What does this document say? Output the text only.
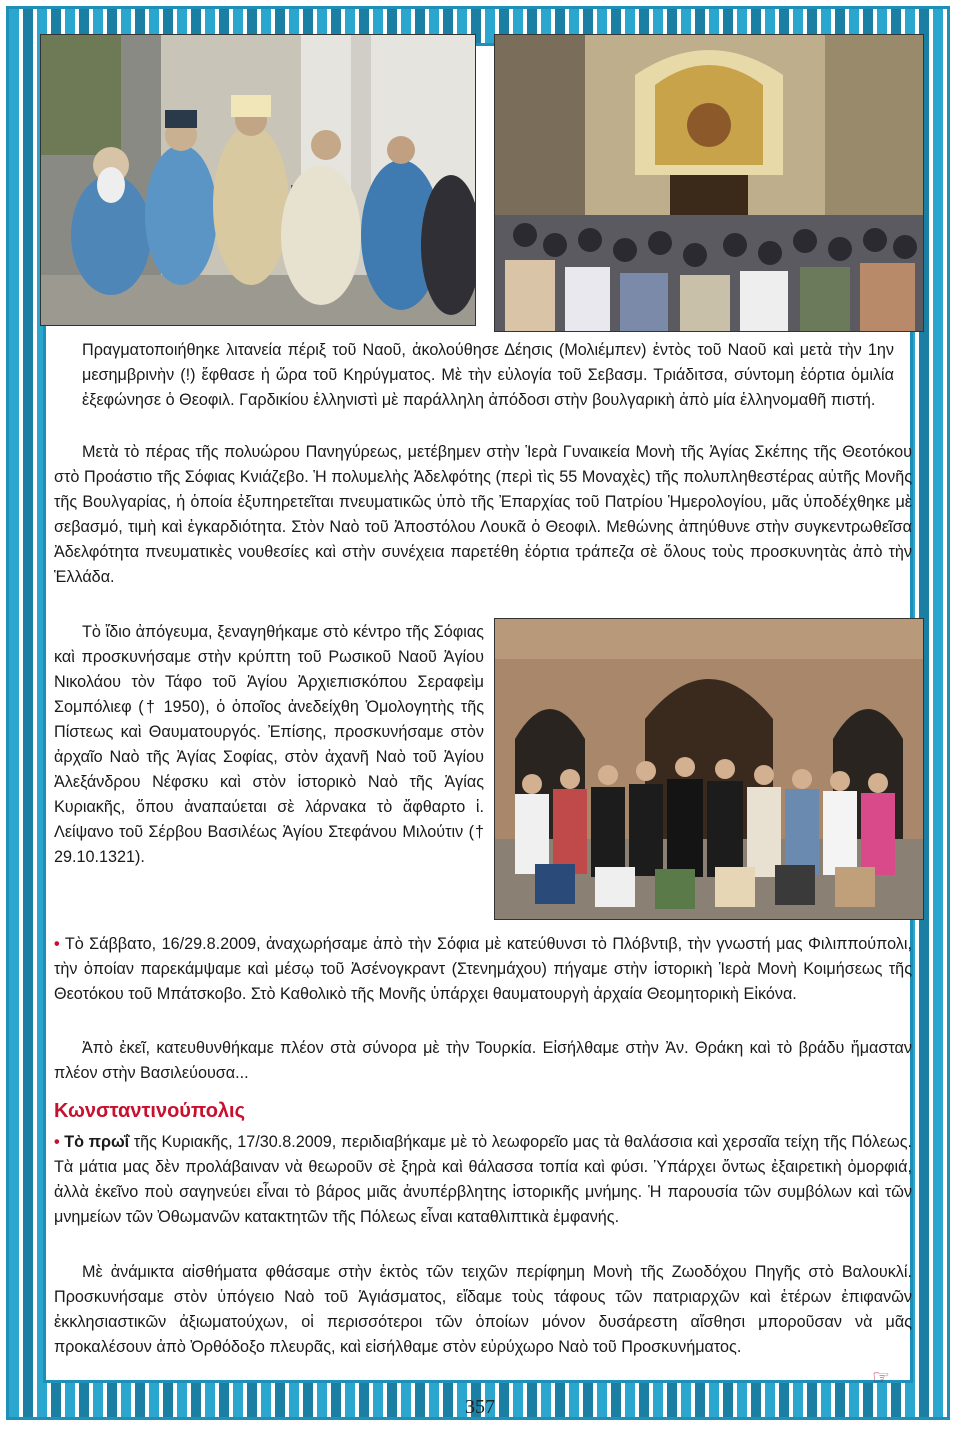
Πραγματοποιήθηκε λιτανεία πέριξ τοῦ Ναοῦ, ἀκολούθησε Δέησις (Μολιέμπεν) ἐντὸς τοῦ Ναοῦ καὶ μετὰ τὴν 1ην μεσημβρινὴν (!) ἔφθασε ἡ ὥρα τοῦ Κηρύγματος. Μὲ τὴν εὐλογία τοῦ Σεβασμ. Τριάδιτσα, σύντομη ἑόρτια ὁμιλία ἐξεφώνησε ὁ Θεοφιλ. Γαρδικίου ἑλληνιστὶ μὲ παράλληλη ἀπόδοσι στὴν βουλγαρικὴ ἀπὸ μία ἑλληνομαθῆ πιστή.

Μετὰ τὸ πέρας τῆς πολυώρου Πανηγύρεως, μετέβημεν στὴν Ἱερὰ Γυναικεία Μονὴ τῆς Ἁγίας Σκέπης τῆς Θεοτόκου στὸ Προάστιο τῆς Σόφιας Κνιάζεβο. Ἡ πολυμελὴς Ἀδελφότης (περὶ τὶς 55 Μοναχὲς) τῆς πολυπληθεστέρας αὐτῆς Μονῆς τῆς Βουλγαρίας, ἡ ὁποία ἐξυπηρετεῖται πνευματικῶς ὑπὸ τῆς Ἐπαρχίας τοῦ Πατρίου Ἡμερολογίου, μᾶς ὑποδέχθηκε μὲ σεβασμό, τιμὴ καὶ ἐγκαρδιότητα. Στὸν Ναὸ τοῦ Ἀποστόλου Λουκᾶ ὁ Θεοφιλ. Μεθώνης ἀπηύθυνε στὴν συγκεντρωθεῖσα Ἀδελφότητα πνευματικὲς νουθεσίες καὶ στὴν συνέχεια παρετέθη ἑόρτια τράπεζα σὲ ὅλους τοὺς προσκυνητὰς ἀπὸ τὴν Ἑλλάδα.

Τὸ ἴδιο ἀπόγευμα, ξεναγηθήκαμε στὸ κέντρο τῆς Σόφιας καὶ προσκυνήσαμε στὴν κρύπτη τοῦ Ρωσικοῦ Ναοῦ Ἁγίου Νικολάου τὸν Τάφο τοῦ Ἁγίου Ἀρχιεπισκόπου Σεραφεὶμ Σομπόλιεφ († 1950), ὁ ὁποῖος ἀνεδείχθη Ὁμολογητὴς τῆς Πίστεως καὶ Θαυματουργός. Ἐπίσης, προσκυνήσαμε στὸν ἀρχαῖο Ναὸ τῆς Ἁγίας Σοφίας, στὸν ἀχανῆ Ναὸ τοῦ Ἁγίου Ἀλεξάνδρου Νέφσκυ καὶ στὸν ἱστορικὸ Ναὸ τῆς Ἁγίας Κυριακῆς, ὅπου ἀναπαύεται σὲ λάρνακα τὸ ἄφθαρτο ἱ. Λείψανο τοῦ Σέρβου Βασιλέως Ἁγίου Στεφάνου Μιλούτιν († 29.10.1321).

• Τὸ Σάββατο, 16/29.8.2009, ἀναχωρήσαμε ἀπὸ τὴν Σόφια μὲ κατεύθυνσι τὸ Πλόβντιβ, τὴν γνωστή μας Φιλιππούπολι, τὴν ὁποίαν παρεκάμψαμε καὶ μέσῳ τοῦ Ἀσένογκραντ (Στενημάχου) πήγαμε στὴν ἱστορικὴ Ἱερὰ Μονὴ Κοιμήσεως τῆς Θεοτόκου τοῦ Μπάτσκοβο. Στὸ Καθολικὸ τῆς Μονῆς ὑπάρχει θαυματουργὴ ἀρχαία Θεομητορικὴ Εἰκόνα.

Ἀπὸ ἐκεῖ, κατευθυνθήκαμε πλέον στὰ σύνορα μὲ τὴν Τουρκία. Εἰσήλθαμε στὴν Ἀν. Θράκη καὶ τὸ βράδυ ἤμασταν πλέον στὴν Βασιλεύουσα...

Κωνσταντινούπολις

• Τὸ πρωΐ τῆς Κυριακῆς, 17/30.8.2009, περιδιαβήκαμε μὲ τὸ λεωφορεῖο μας τὰ θαλάσσια καὶ χερσαῖα τείχη τῆς Πόλεως. Τὰ μάτια μας δὲν προλάβαιναν νὰ θεωροῦν σὲ ξηρὰ καὶ θάλασσα τοπία καὶ φύσι. Ὑπάρχει ὄντως ἐξαιρετικὴ ὀμορφιά, ἀλλὰ ἐκεῖνο ποὺ σαγηνεύει εἶναι τὸ βάρος μιᾶς ἀνυπέρβλητης ἱστορικῆς μνήμης. Ἡ παρουσία τῶν συμβόλων καὶ τῶν μνημείων τῶν Ὀθωμανῶν κατακτητῶν τῆς Πόλεως εἶναι καταθλιπτικὰ ἐμφανής.

Μὲ ἀνάμικτα αἰσθήματα φθάσαμε στὴν ἐκτὸς τῶν τειχῶν περίφημη Μονὴ τῆς Ζωοδόχου Πηγῆς στὸ Βαλουκλί. Προσκυνήσαμε στὸν ὑπόγειο Ναὸ τοῦ Ἁγιάσματος, εἴδαμε τοὺς τάφους τῶν πατριαρχῶν καὶ ἑτέρων ἐπιφανῶν ἐκκλησιαστικῶν ἀξιωματούχων, οἱ περισσότεροι τῶν ὁποίων μόνον δυσάρεστη αἴσθησι μποροῦσαν νὰ μᾶς προκαλέσουν ἀπὸ Ὀρθόδοξο πλευρᾶς, καὶ εἰσήλθαμε στὸν εὐρύχωρο Ναὸ τοῦ Προσκυνήματος.

☞
357
